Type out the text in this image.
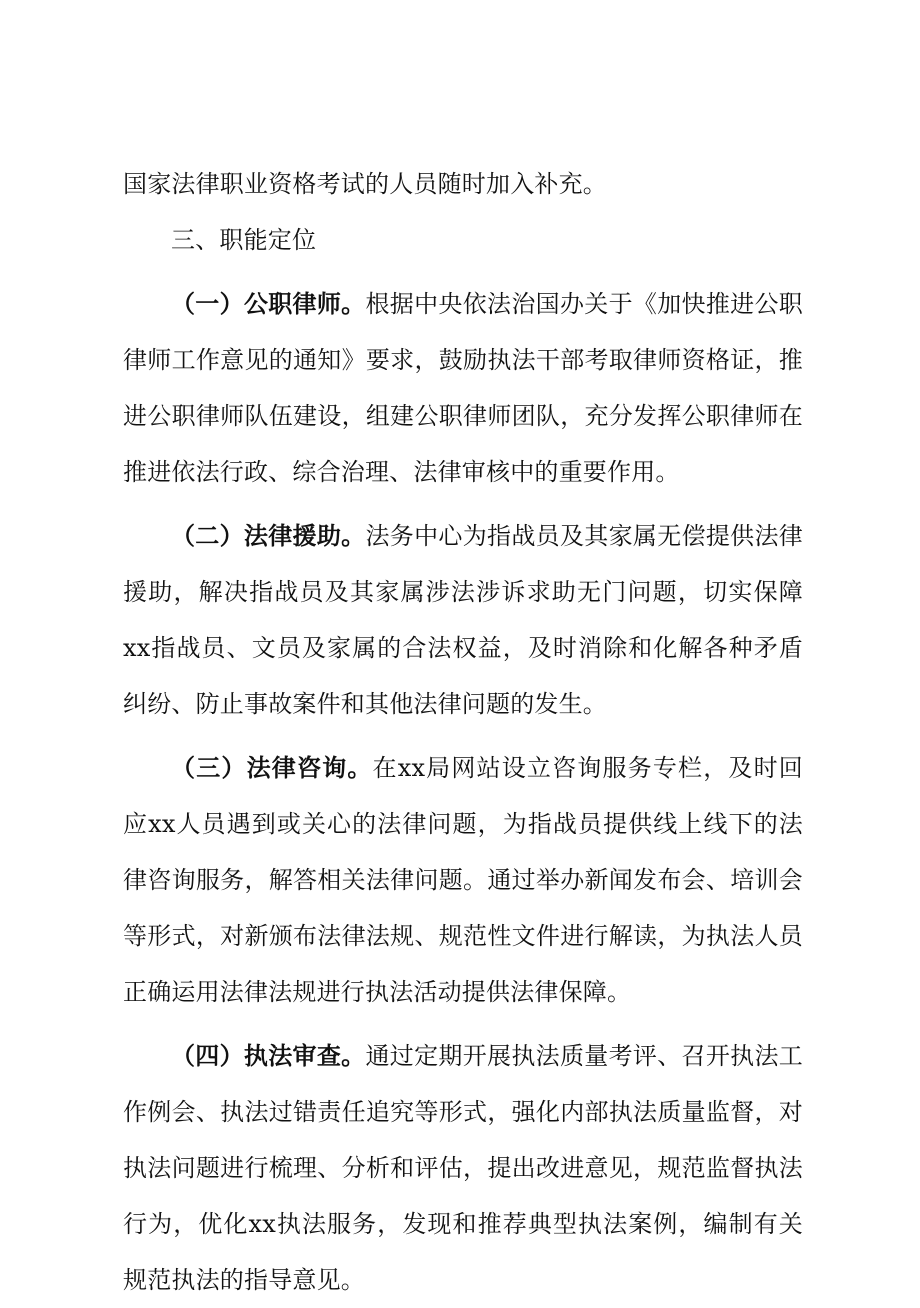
国家法律职业资格考试的人员随时加入补充。

三、职能定位

（一）公职律师。根据中央依法治国办关于《加快推进公职律师工作意见的通知》要求，鼓励执法干部考取律师资格证，推进公职律师队伍建设，组建公职律师团队，充分发挥公职律师在推进依法行政、综合治理、法律审核中的重要作用。

（二）法律援助。法务中心为指战员及其家属无偿提供法律援助，解决指战员及其家属涉法涉诉求助无门问题，切实保障xx指战员、文员及家属的合法权益，及时消除和化解各种矛盾纠纷、防止事故案件和其他法律问题的发生。

（三）法律咨询。在xx局网站设立咨询服务专栏，及时回应xx人员遇到或关心的法律问题，为指战员提供线上线下的法律咨询服务，解答相关法律问题。通过举办新闻发布会、培训会等形式，对新颁布法律法规、规范性文件进行解读，为执法人员正确运用法律法规进行执法活动提供法律保障。

（四）执法审查。通过定期开展执法质量考评、召开执法工作例会、执法过错责任追究等形式，强化内部执法质量监督，对执法问题进行梳理、分析和评估，提出改进意见，规范监督执法行为，优化xx执法服务，发现和推荐典型执法案例，编制有关规范执法的指导意见。
